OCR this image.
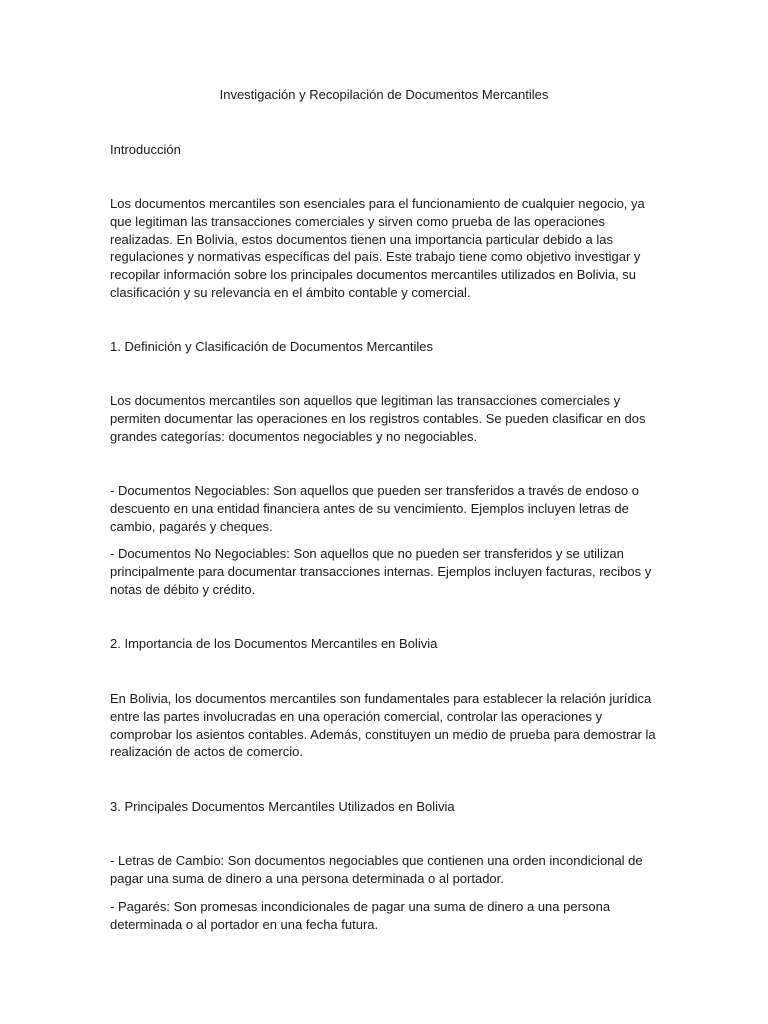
Investigación y Recopilación de Documentos Mercantiles

Introducción

Los documentos mercantiles son esenciales para el funcionamiento de cualquier negocio, ya que legitiman las transacciones comerciales y sirven como prueba de las operaciones realizadas. En Bolivia, estos documentos tienen una importancia particular debido a las regulaciones y normativas específicas del país. Este trabajo tiene como objetivo investigar y recopilar información sobre los principales documentos mercantiles utilizados en Bolivia, su clasificación y su relevancia en el ámbito contable y comercial.

1. Definición y Clasificación de Documentos Mercantiles

Los documentos mercantiles son aquellos que legitiman las transacciones comerciales y permiten documentar las operaciones en los registros contables. Se pueden clasificar en dos grandes categorías: documentos negociables y no negociables.

- Documentos Negociables: Son aquellos que pueden ser transferidos a través de endoso o descuento en una entidad financiera antes de su vencimiento. Ejemplos incluyen letras de cambio, pagarés y cheques.

- Documentos No Negociables: Son aquellos que no pueden ser transferidos y se utilizan principalmente para documentar transacciones internas. Ejemplos incluyen facturas, recibos y notas de débito y crédito.

2. Importancia de los Documentos Mercantiles en Bolivia

En Bolivia, los documentos mercantiles son fundamentales para establecer la relación jurídica entre las partes involucradas en una operación comercial, controlar las operaciones y comprobar los asientos contables. Además, constituyen un medio de prueba para demostrar la realización de actos de comercio.

3. Principales Documentos Mercantiles Utilizados en Bolivia

- Letras de Cambio: Son documentos negociables que contienen una orden incondicional de pagar una suma de dinero a una persona determinada o al portador.

- Pagarés: Son promesas incondicionales de pagar una suma de dinero a una persona determinada o al portador en una fecha futura.
